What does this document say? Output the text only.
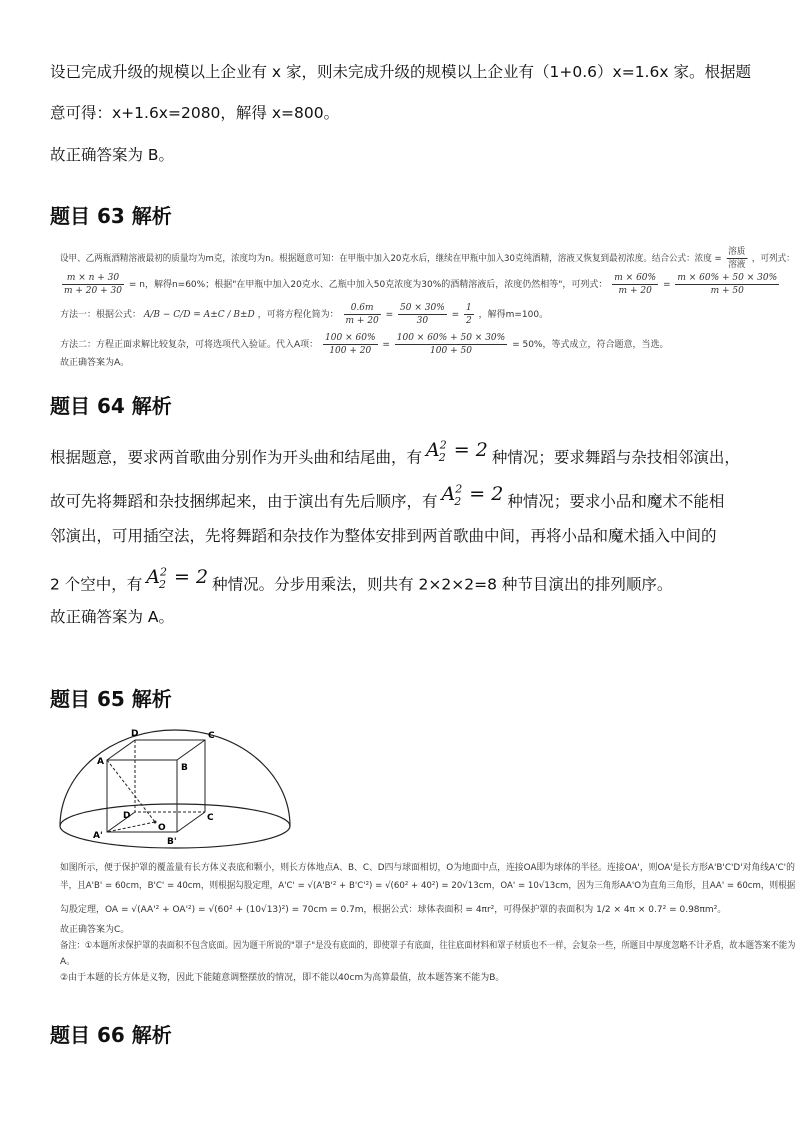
设已完成升级的规模以上企业有 x 家，则未完成升级的规模以上企业有（1+0.6）x=1.6x 家。根据题
意可得：x+1.6x=2080，解得 x=800。
故正确答案为 B。
题目 63 解析
设甲、乙两瓶酒精溶液最初的质量均为m克，浓度均为n。根据题意可知：在甲瓶中加入20克水后，继续在甲瓶中加入30克纯酒精，溶液又恢复到最初浓度。结合公式：浓度 = $\frac{\text{溶质}}{\text{溶液}}$ ，可列式：
$\frac{m \times n + 30}{m + 20 + 30} = n$，解得n=60%；根据"在甲瓶中加入20克水、乙瓶中加入50克浓度为30%的酒精溶液后，浓度仍然相等"，可列式： $\frac{m \times 60\%}{m + 20} = \frac{m \times 60\% + 50 \times 30\%}{m + 50}$
方法一：根据公式： A/B − C/D = A±C / B±D ，可将方程化简为： $\frac{0.6m}{m + 20} = \frac{50 \times 30\%}{30} = \frac{1}{2}$ ，解得m=100。
方法二：方程正面求解比较复杂，可将选项代入验证。代入A项： $\frac{100 \times 60\%}{100 + 20} = \frac{100 \times 60\% + 50 \times 30\%}{100 + 50} = 50\%$，等式成立，符合题意，当选。
故正确答案为A。
题目 64 解析
根据题意，要求两首歌曲分别作为开头曲和结尾曲，有 $A^2_2 = 2$ 种情况；要求舞蹈与杂技相邻演出，
故可先将舞蹈和杂技捆绑起来，由于演出有先后顺序，有 $A^2_2 = 2$ 种情况；要求小品和魔术不能相
邻演出，可用插空法，先将舞蹈和杂技作为整体安排到两首歌曲中间，再将小品和魔术插入中间的
2 个空中，有 $A^2_2 = 2$ 种情况。分步用乘法，则共有 2×2×2=8 种节目演出的排列顺序。
故正确答案为 A。
题目 65 解析
D	C
A
B
D	C
O
A'
B'
如图所示，便于保护罩的覆盖量有长方体义表底和颗小，则长方体地点A、B、C、D四与球面相切，O为地面中点，连接OA即为球体的半径。连接OA'，则OA'是长方形A'B'C'D'对角线A'C'的
半，且A'B' = 60cm，B'C' = 40cm，则根据勾股定理，A'C' = √(A'B'² + B'C'²) = √(60² + 40²) = 20√13cm，OA' = 10√13cm，因为三角形AA'O为直角三角形，且AA' = 60cm，则根据
勾股定理，OA = √(AA'² + OA'²) = √(60² + (10√13)²) = 70cm = 0.7m，根据公式：球体表面积 = 4πr²，可得保护罩的表面积为 1/2 × 4π × 0.7² = 0.98πm²。
故正确答案为C。
备注：①本题所求保护罩的表面积不包含底面。因为题干所说的"罩子"是没有底面的，即使罩子有底面，往往底面材料和罩子材质也不一样，会复杂一些，所题目中厚度忽略不计矛盾，故本题答案不能为
A。
②由于本题的长方体是义物，因此下能随意调整摆放的情况，即不能以40cm为高算最值，故本题答案不能为B。
题目 66 解析
